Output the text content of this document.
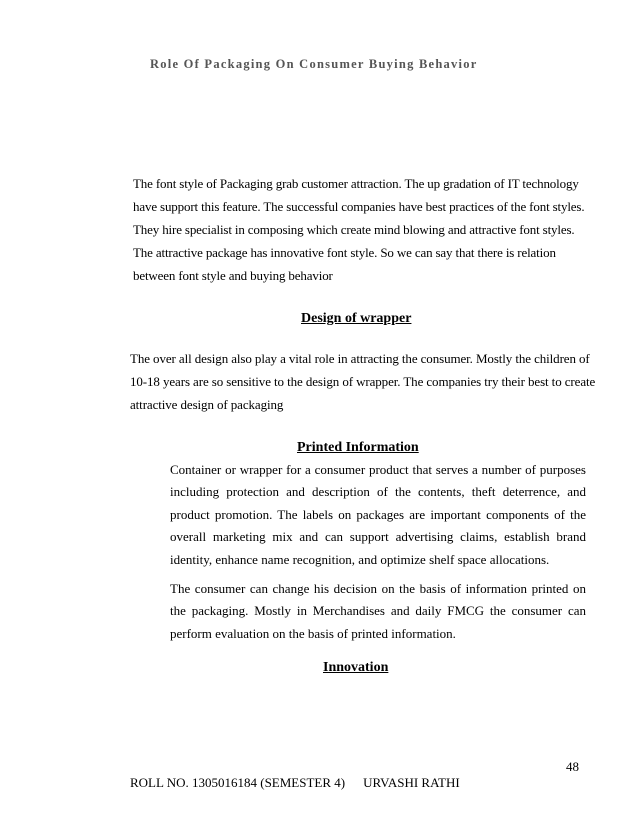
Role Of Packaging On Consumer Buying Behavior

The font style of Packaging grab customer attraction. The up gradation of IT technology have support this feature. The successful companies have best practices of the font styles. They hire specialist in composing which create mind blowing and attractive font styles. The attractive package has innovative font style. So we can say that there is relation between font style and buying behavior

Design of wrapper

The over all design also play a vital role in attracting the consumer. Mostly the children of 10-18 years are so sensitive to the design of wrapper. The companies try their best to create attractive design of packaging

Printed Information

Container or wrapper for a consumer product that serves a number of purposes including protection and description of the contents, theft deterrence, and product promotion. The labels on packages are important components of the overall marketing mix and can support advertising claims, establish brand identity, enhance name recognition, and optimize shelf space allocations.

The consumer can change his decision on the basis of information printed on the packaging. Mostly in Merchandises and daily FMCG the consumer can perform evaluation on the basis of printed information.

Innovation
48
ROLL NO. 1305016184 (SEMESTER 4) URVASHI RATHI
